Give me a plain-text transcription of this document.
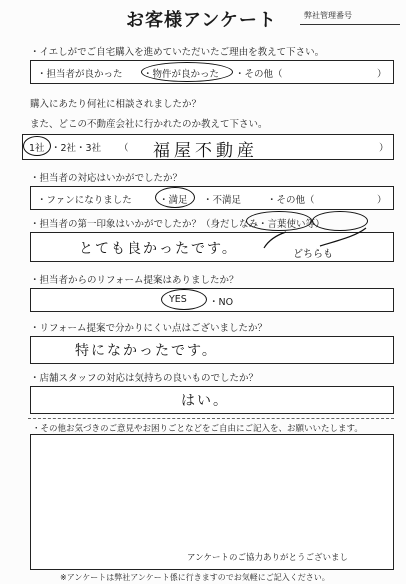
お客様アンケート	弊社管理番号
・イエしがでご自宅購入を進めていただいたご理由を教えて下さい。
・担当者が良かった ・物件が良かった ・その他（	）
購入にあたり何社に相談されましたか？
また、どこの不動産会社に行かれたのか教えて下さい。
1社 ・2社・3社 （ 福屋不動産	）
・担当者の対応はいかがでしたか？
・ファンになりました	・満足 ・不満足	・その他（	）
・担当者の第一印象はいかがでしたか？（身だしなみ・言葉使い等）
とても良かったです。	どちらも
・担当者からのリフォーム提案はありましたか？
YES ・NO
・リフォーム提案で分かりにくい点はございましたか？
特になかったです。
・店舗スタッフの対応は気持ちの良いものでしたか？
はい。
・その他お気づきのご意見やお困りごとなどをご自由にご記入を、お願いいたします。
アンケートのご協力ありがとうございまし
※アンケートは弊社アンケート係に行きますのでお気軽にご記入ください。
